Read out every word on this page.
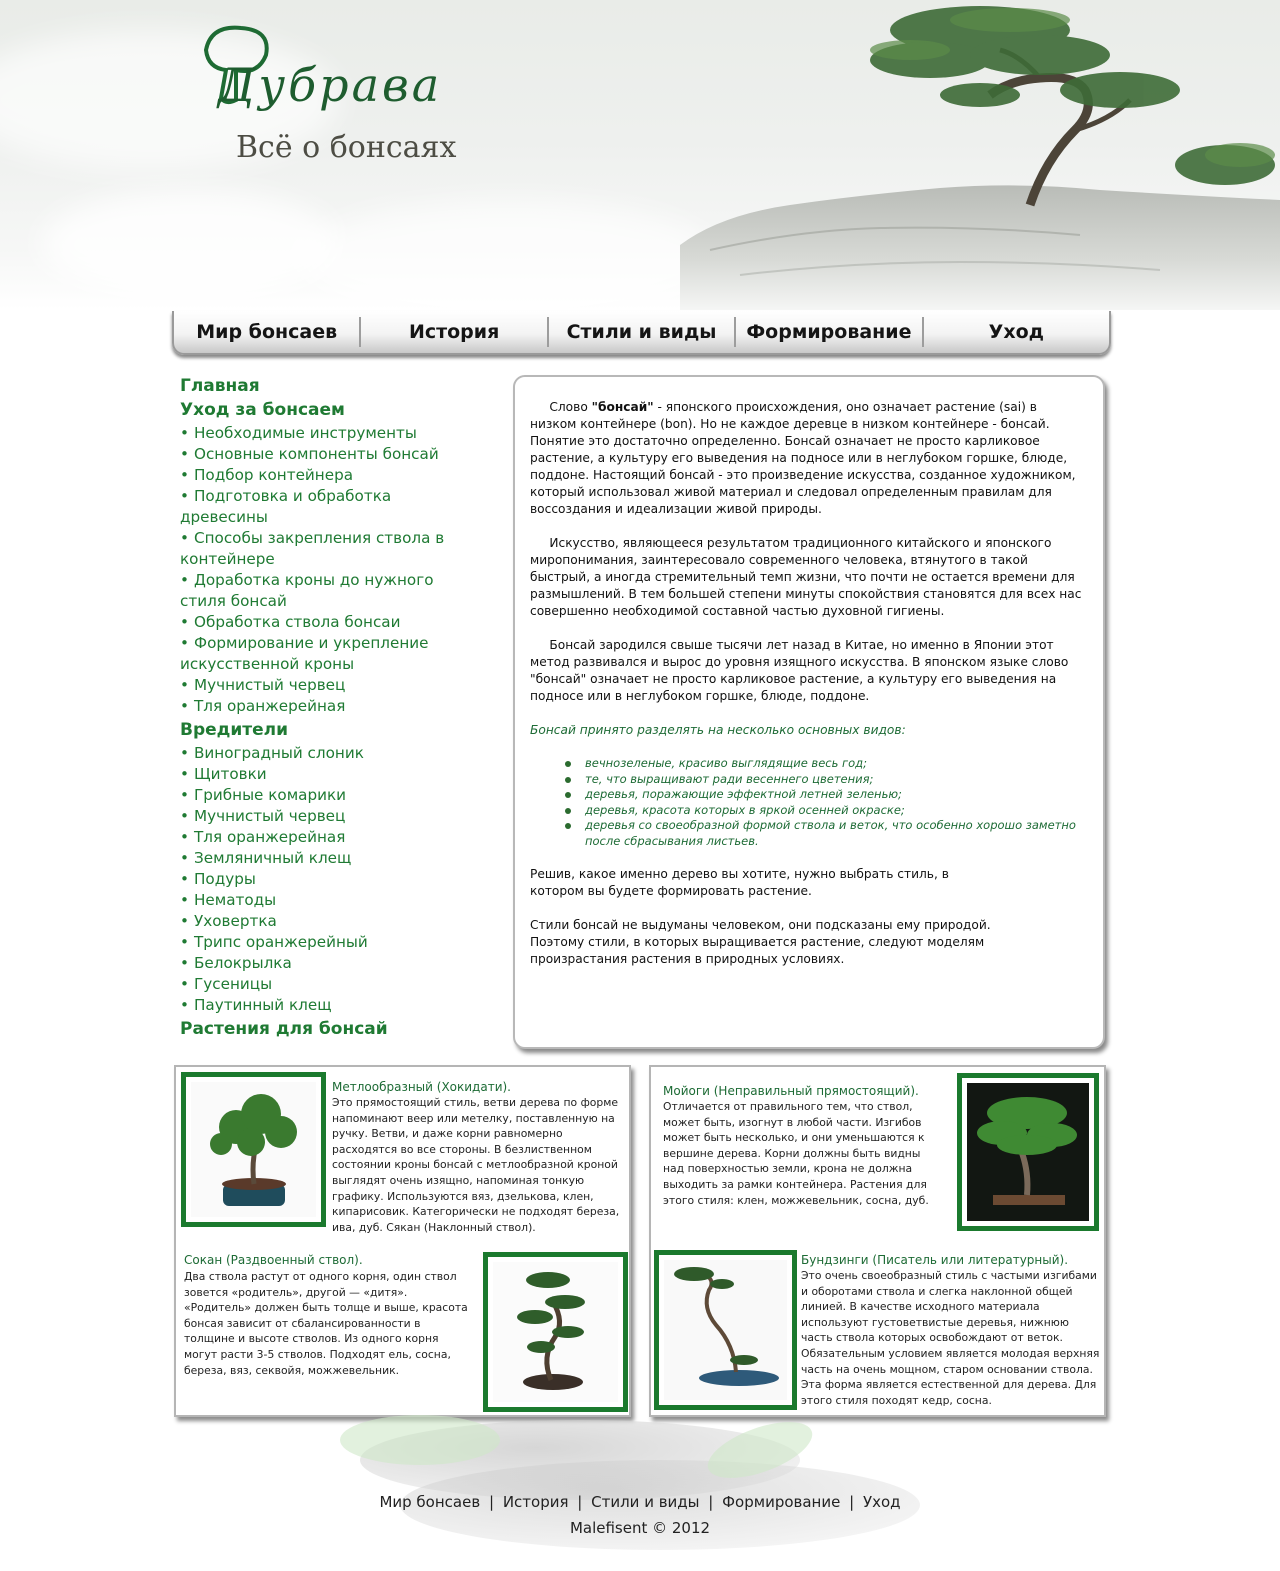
Дубрава
Всё о бонсаях
Мир бонсаев	История	Стили и виды	Формирование	Уход
Главная
Уход за бонсаем
• Необходимые инструменты
• Основные компоненты бонсай
• Подбор контейнера
• Подготовка и обработка древесины
• Способы закрепления ствола в контейнере
• Доработка кроны до нужного стиля бонсай
• Обработка ствола бонсаи
• Формирование и укрепление искусственной кроны
• Мучнистый червец
• Тля оранжерейная
Вредители
• Виноградный слоник
• Щитовки
• Грибные комарики
• Мучнистый червец
• Тля оранжерейная
• Земляничный клещ
• Подуры
• Нематоды
• Уховертка
• Трипс оранжерейный
• Белокрылка
• Гусеницы
• Паутинный клещ
Растения для бонсай

Слово "бонсай" - японского происхождения, оно означает растение (sai) в низком контейнере (bon). Но не каждое деревце в низком контейнере - бонсай. Понятие это достаточно определенно. Бонсай означает не просто карликовое растение, а культуру его выведения на подносе или в неглубоком горшке, блюде, поддоне. Настоящий бонсай - это произведение искусства, созданное художником, который использовал живой материал и следовал определенным правилам для воссоздания и идеализации живой природы.

Искусство, являющееся результатом традиционного китайского и японского миропонимания, заинтересовало современного человека, втянутого в такой быстрый, а иногда стремительный темп жизни, что почти не остается времени для размышлений. В тем большей степени минуты спокойствия становятся для всех нас совершенно необходимой составной частью духовной гигиены.

Бонсай зародился свыше тысячи лет назад в Китае, но именно в Японии этот метод развивался и вырос до уровня изящного искусства. В японском языке слово "бонсай" означает не просто карликовое растение, а культуру его выведения на подносе или в неглубоком горшке, блюде, поддоне.

Бонсай принято разделять на несколько основных видов:

вечнозеленые, красиво выглядящие весь год;
те, что выращивают ради весеннего цветения;
деревья, поражающие эффектной летней зеленью;
деревья, красота которых в яркой осенней окраске;
деревья со своеобразной формой ствола и веток, что особенно хорошо заметно после сбрасывания листьев.

Решив, какое именно дерево вы хотите, нужно выбрать стиль, в котором вы будете формировать растение.

Стили бонсай не выдуманы человеком, они подсказаны ему природой. Поэтому стили, в которых выращивается растение, следуют моделям произрастания растения в природных условиях.

Метлообразный (Хокидати).
Это прямостоящий стиль, ветви дерева по форме напоминают веер или метелку, поставленную на ручку. Ветви, и даже корни равномерно расходятся во все стороны. В безлиственном состоянии кроны бонсай с метлообразной кроной выглядят очень изящно, напоминая тонкую графику. Используются вяз, дзелькова, клен, кипарисовик. Категорически не подходят береза, ива, дуб. Сякан (Наклонный ствол).
Сокан (Раздвоенный ствол).
Два ствола растут от одного корня, один ствол зовется «родитель», другой — «дитя». «Родитель» должен быть толще и выше, красота бонсая зависит от сбалансированности в толщине и высоте стволов. Из одного корня могут расти 3-5 стволов. Подходят ель, сосна, береза, вяз, секвойя, можжевельник.
Мойоги (Неправильный прямостоящий).
Отличается от правильного тем, что ствол, может быть, изогнут в любой части. Изгибов может быть несколько, и они уменьшаются к вершине дерева. Корни должны быть видны над поверхностью земли, крона не должна выходить за рамки контейнера. Растения для этого стиля: клен, можжевельник, сосна, дуб.
Бундзинги (Писатель или литературный).
Это очень своеобразный стиль с частыми изгибами и оборотами ствола и слегка наклонной общей линией. В качестве исходного материала используют густоветвистые деревья, нижнюю часть ствола которых освобождают от веток. Обязательным условием является молодая верхняя часть на очень мощном, старом основании ствола. Эта форма является естественной для дерева. Для этого стиля походят кедр, сосна.
Мир бонсаев | История | Стили и виды | Формирование | Уход
Malefisent © 2012
